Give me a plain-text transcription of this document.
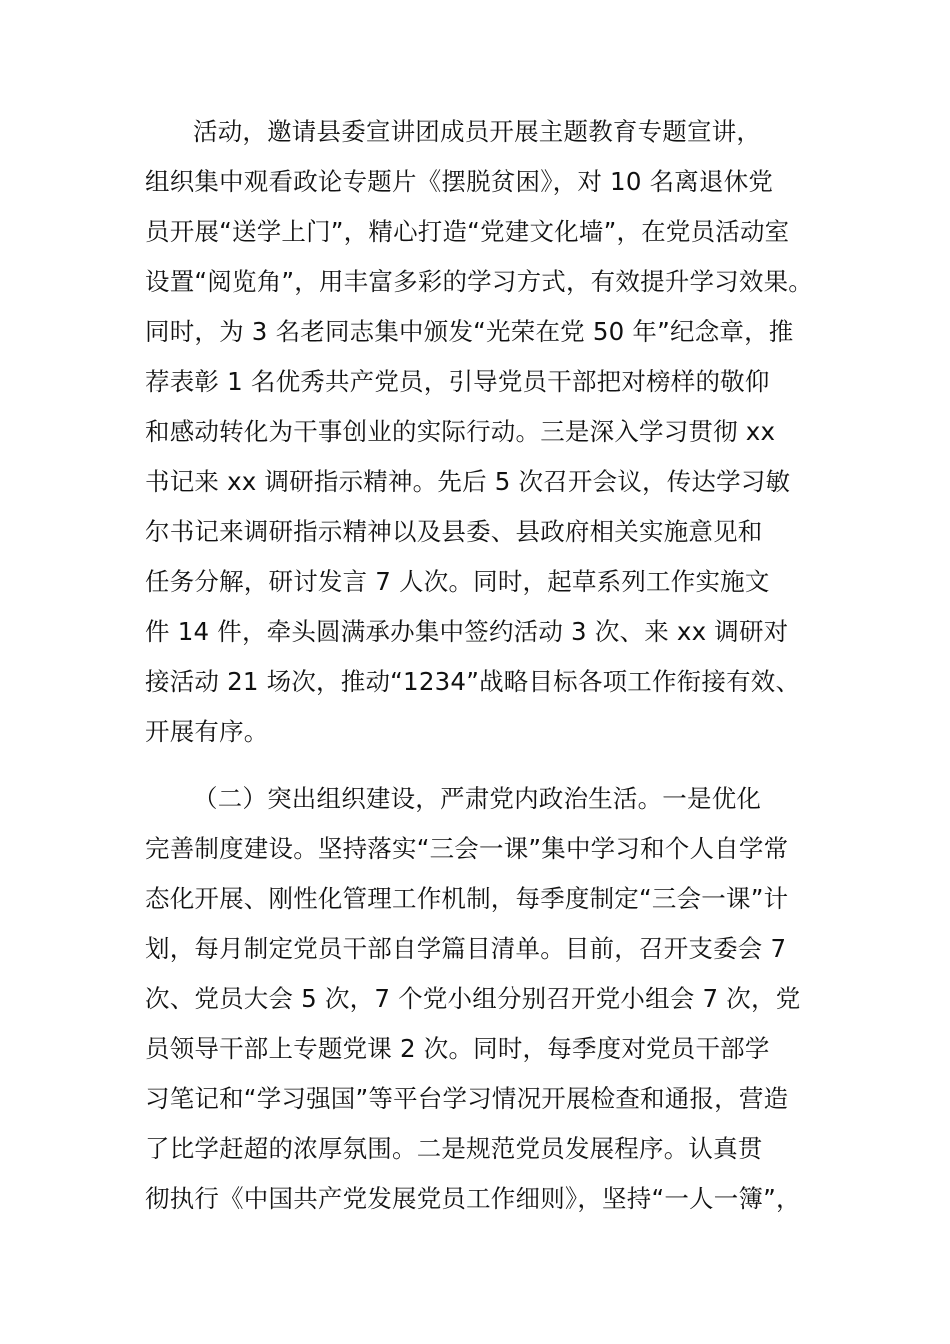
活动，邀请县委宣讲团成员开展主题教育专题宣讲，
组织集中观看政论专题片《摆脱贫困》，对 10 名离退休党
员开展“送学上门”，精心打造“党建文化墙”，在党员活动室
设置“阅览角”，用丰富多彩的学习方式，有效提升学习效果。
同时，为 3 名老同志集中颁发“光荣在党 50 年”纪念章，推
荐表彰 1 名优秀共产党员，引导党员干部把对榜样的敬仰
和感动转化为干事创业的实际行动。三是深入学习贯彻 xx
书记来 xx 调研指示精神。先后 5 次召开会议，传达学习敏
尔书记来调研指示精神以及县委、县政府相关实施意见和
任务分解，研讨发言 7 人次。同时，起草系列工作实施文
件 14 件，牵头圆满承办集中签约活动 3 次、来 xx 调研对
接活动 21 场次，推动“1234”战略目标各项工作衔接有效、
开展有序。
（二）突出组织建设，严肃党内政治生活。一是优化
完善制度建设。坚持落实“三会一课”集中学习和个人自学常
态化开展、刚性化管理工作机制，每季度制定“三会一课”计
划，每月制定党员干部自学篇目清单。目前，召开支委会 7
次、党员大会 5 次，7 个党小组分别召开党小组会 7 次，党
员领导干部上专题党课 2 次。同时，每季度对党员干部学
习笔记和“学习强国”等平台学习情况开展检查和通报，营造
了比学赶超的浓厚氛围。二是规范党员发展程序。认真贯
彻执行《中国共产党发展党员工作细则》，坚持“一人一簿”，
